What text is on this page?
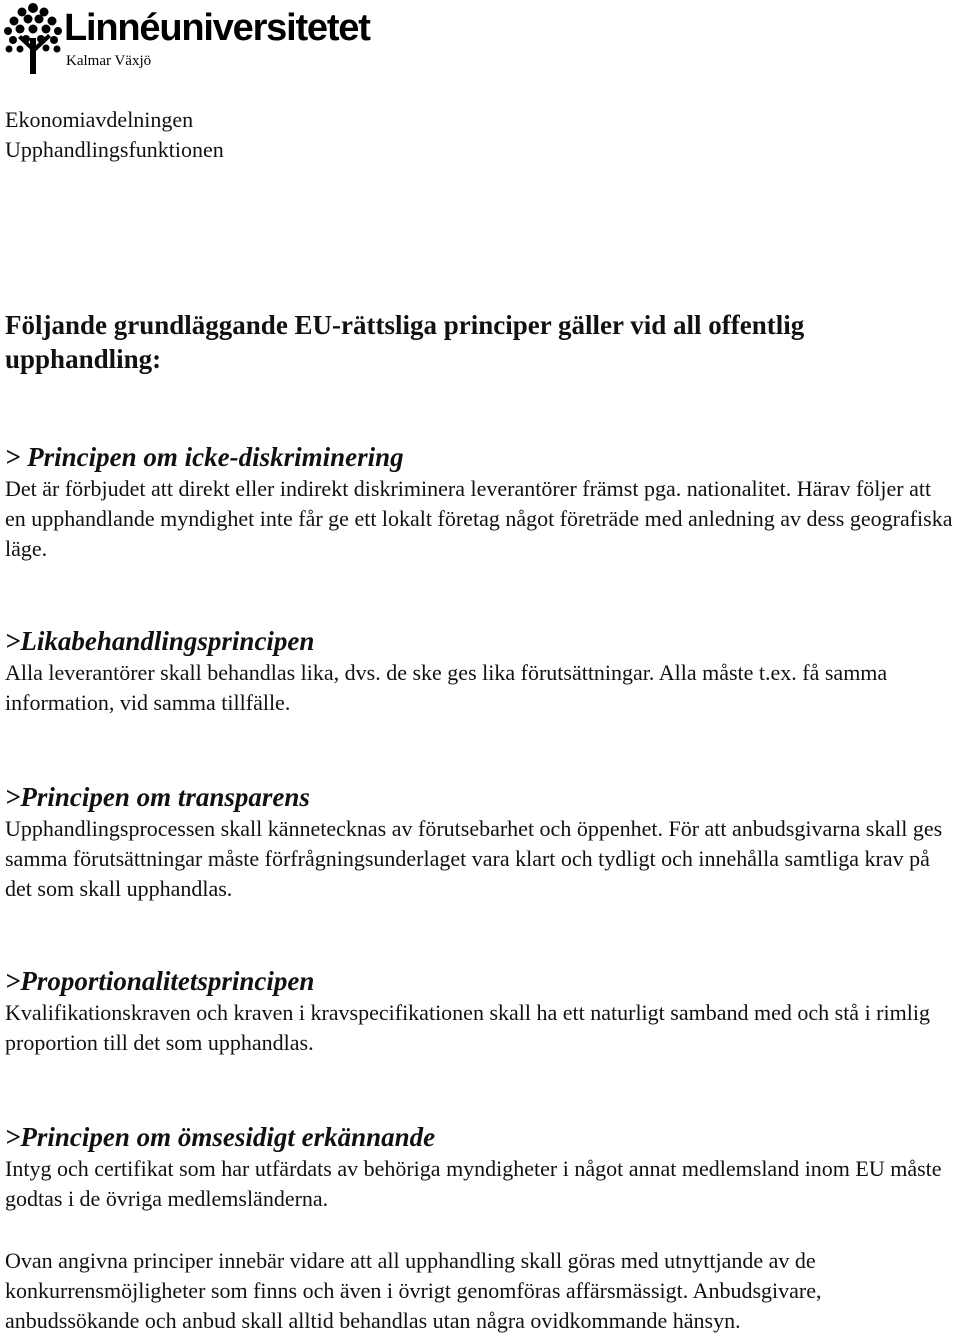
Linnéuniversitetet
Kalmar Växjö
Ekonomiavdelningen
Upphandlingsfunktionen
Följande grundläggande EU-rättsliga principer gäller vid all offentlig upphandling:
> Principen om icke-diskriminering

Det är förbjudet att direkt eller indirekt diskriminera leverantörer främst pga. nationalitet. Härav följer att en upphandlande myndighet inte får ge ett lokalt företag något företräde med anledning av dess geografiska läge.

>Likabehandlingsprincipen

Alla leverantörer skall behandlas lika, dvs. de ske ges lika förutsättningar. Alla måste t.ex. få samma information, vid samma tillfälle.

>Principen om transparens

Upphandlingsprocessen skall kännetecknas av förutsebarhet och öppenhet. För att anbudsgivarna skall ges samma förutsättningar måste förfrågningsunderlaget vara klart och tydligt och innehålla samtliga krav på det som skall upphandlas.

>Proportionalitetsprincipen

Kvalifikationskraven och kraven i kravspecifikationen skall ha ett naturligt samband med och stå i rimlig proportion till det som upphandlas.

>Principen om ömsesidigt erkännande

Intyg och certifikat som har utfärdats av behöriga myndigheter i något annat medlemsland inom EU måste godtas i de övriga medlemsländerna.

Ovan angivna principer innebär vidare att all upphandling skall göras med utnyttjande av de konkurrensmöjligheter som finns och även i övrigt genomföras affärsmässigt. Anbudsgivare, anbudssökande och anbud skall alltid behandlas utan några ovidkommande hänsyn.
